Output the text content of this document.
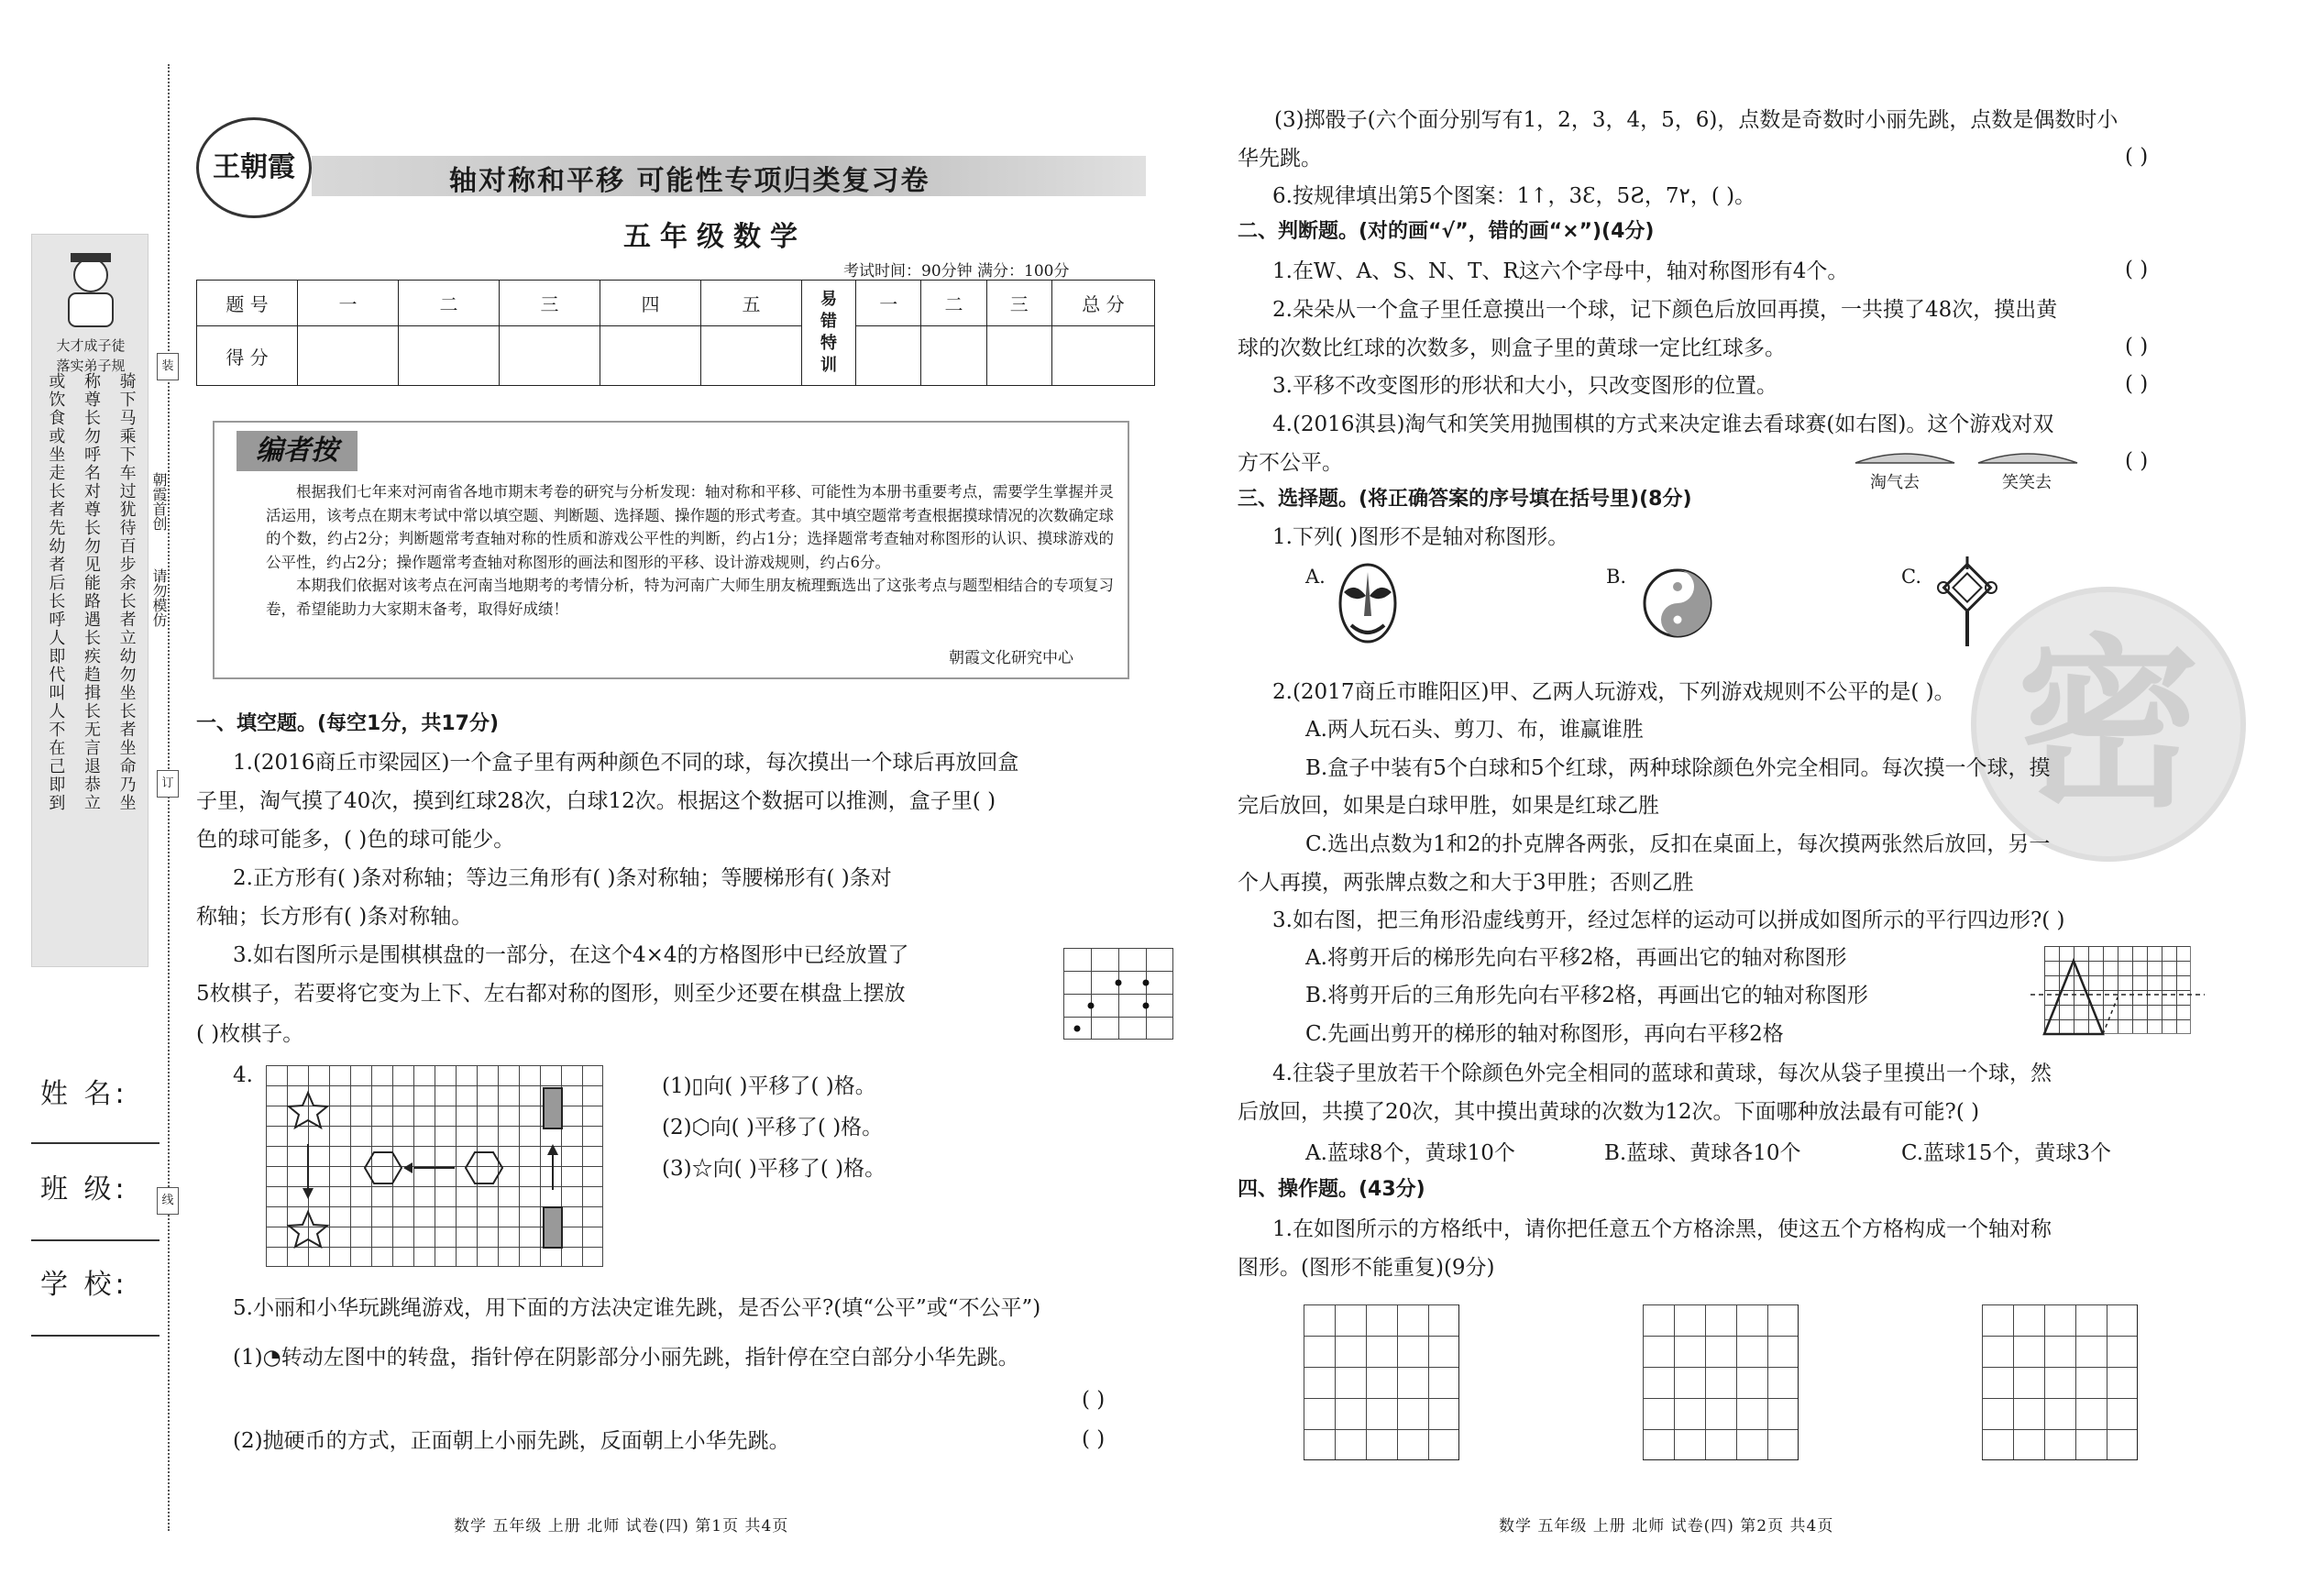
大才成子徒
落实弟子规
骑下马乘下车过犹待百步余长者立幼勿坐长者坐命乃坐
称尊长勿呼名对尊长勿见能路遇长疾趋揖长无言退恭立
或饮食或坐走长者先幼者后长呼人即代叫人不在己即到
姓 名:
班 级:
学 校:
装
订
线
朝霞首创
请勿模仿
轴对称和平移 可能性专项归类复习卷
王朝霞
五年级数学
考试时间：90分钟 满分：100分
题 号	一	二	三	四	五	易错特训	一	二	三	总 分
得 分										
编者按
根据我们七年来对河南省各地市期末考卷的研究与分析发现：轴对称和平移、可能性为本册书重要考点，需要学生掌握并灵活运用，该考点在期末考试中常以填空题、判断题、选择题、操作题的形式考查。其中填空题常考查根据摸球情况的次数确定球的个数，约占2分；判断题常考查轴对称的性质和游戏公平性的判断，约占1分；选择题常考查轴对称图形的认识、摸球游戏的公平性，约占2分；操作题常考查轴对称图形的画法和图形的平移、设计游戏规则，约占6分。
本期我们依据对该考点在河南当地期考的考情分析，特为河南广大师生朋友梳理甄选出了这张考点与题型相结合的专项复习卷，希望能助力大家期末备考，取得好成绩！
朝霞文化研究中心
一、填空题。(每空1分，共17分)
1.(2016商丘市梁园区)一个盒子里有两种颜色不同的球，每次摸出一个球后再放回盒
子里，淘气摸了40次，摸到红球28次，白球12次。根据这个数据可以推测，盒子里( )
色的球可能多，( )色的球可能少。
2.正方形有( )条对称轴；等边三角形有( )条对称轴；等腰梯形有( )条对
称轴；长方形有( )条对称轴。
3.如右图所示是围棋棋盘的一部分，在这个4×4的方格图形中已经放置了
5枚棋子，若要将它变为上下、左右都对称的图形，则至少还要在棋盘上摆放
( )枚棋子。
4.	(1)▯向( )平移了( )格。
(2)⬡向( )平移了( )格。
(3)☆向( )平移了( )格。
5.小丽和小华玩跳绳游戏，用下面的方法决定谁先跳，是否公平?(填“公平”或“不公平”)
(1)◔转动左图中的转盘，指针停在阴影部分小丽先跳，指针停在空白部分小华先跳。
( )
(2)抛硬币的方式，正面朝上小丽先跳，反面朝上小华先跳。	( )
数学 五年级 上册 北师 试卷(四) 第1页 共4页
密
(3)掷骰子(六个面分别写有1，2，3，4，5，6)，点数是奇数时小丽先跳，点数是偶数时小
华先跳。	( )
6.按规律填出第5个图案：1↑，3Ɛ，5Ƨ，7٢，( )。
二、判断题。(对的画“√”，错的画“×”)(4分)
1.在W、A、S、N、T、R这六个字母中，轴对称图形有4个。	( )
2.朵朵从一个盒子里任意摸出一个球，记下颜色后放回再摸，一共摸了48次，摸出黄
球的次数比红球的次数多，则盒子里的黄球一定比红球多。	( )
3.平移不改变图形的形状和大小，只改变图形的位置。	( )
4.(2016淇县)淘气和笑笑用抛围棋的方式来决定谁去看球赛(如右图)。这个游戏对双
方不公平。	( )
淘气去	笑笑去
三、选择题。(将正确答案的序号填在括号里)(8分)
1.下列( )图形不是轴对称图形。
A.	B.	C.
2.(2017商丘市睢阳区)甲、乙两人玩游戏，下列游戏规则不公平的是( )。
A.两人玩石头、剪刀、布，谁赢谁胜
B.盒子中装有5个白球和5个红球，两种球除颜色外完全相同。每次摸一个球，摸
完后放回，如果是白球甲胜，如果是红球乙胜
C.选出点数为1和2的扑克牌各两张，反扣在桌面上，每次摸两张然后放回，另一
个人再摸，两张牌点数之和大于3甲胜；否则乙胜
3.如右图，把三角形沿虚线剪开，经过怎样的运动可以拼成如图所示的平行四边形?( )
A.将剪开后的梯形先向右平移2格，再画出它的轴对称图形
B.将剪开后的三角形先向右平移2格，再画出它的轴对称图形
C.先画出剪开的梯形的轴对称图形，再向右平移2格
4.往袋子里放若干个除颜色外完全相同的蓝球和黄球，每次从袋子里摸出一个球，然
后放回，共摸了20次，其中摸出黄球的次数为12次。下面哪种放法最有可能?( )
A.蓝球8个，黄球10个	B.蓝球、黄球各10个	C.蓝球15个，黄球3个
四、操作题。(43分)
1.在如图所示的方格纸中，请你把任意五个方格涂黑，使这五个方格构成一个轴对称
图形。(图形不能重复)(9分)
数学 五年级 上册 北师 试卷(四) 第2页 共4页
